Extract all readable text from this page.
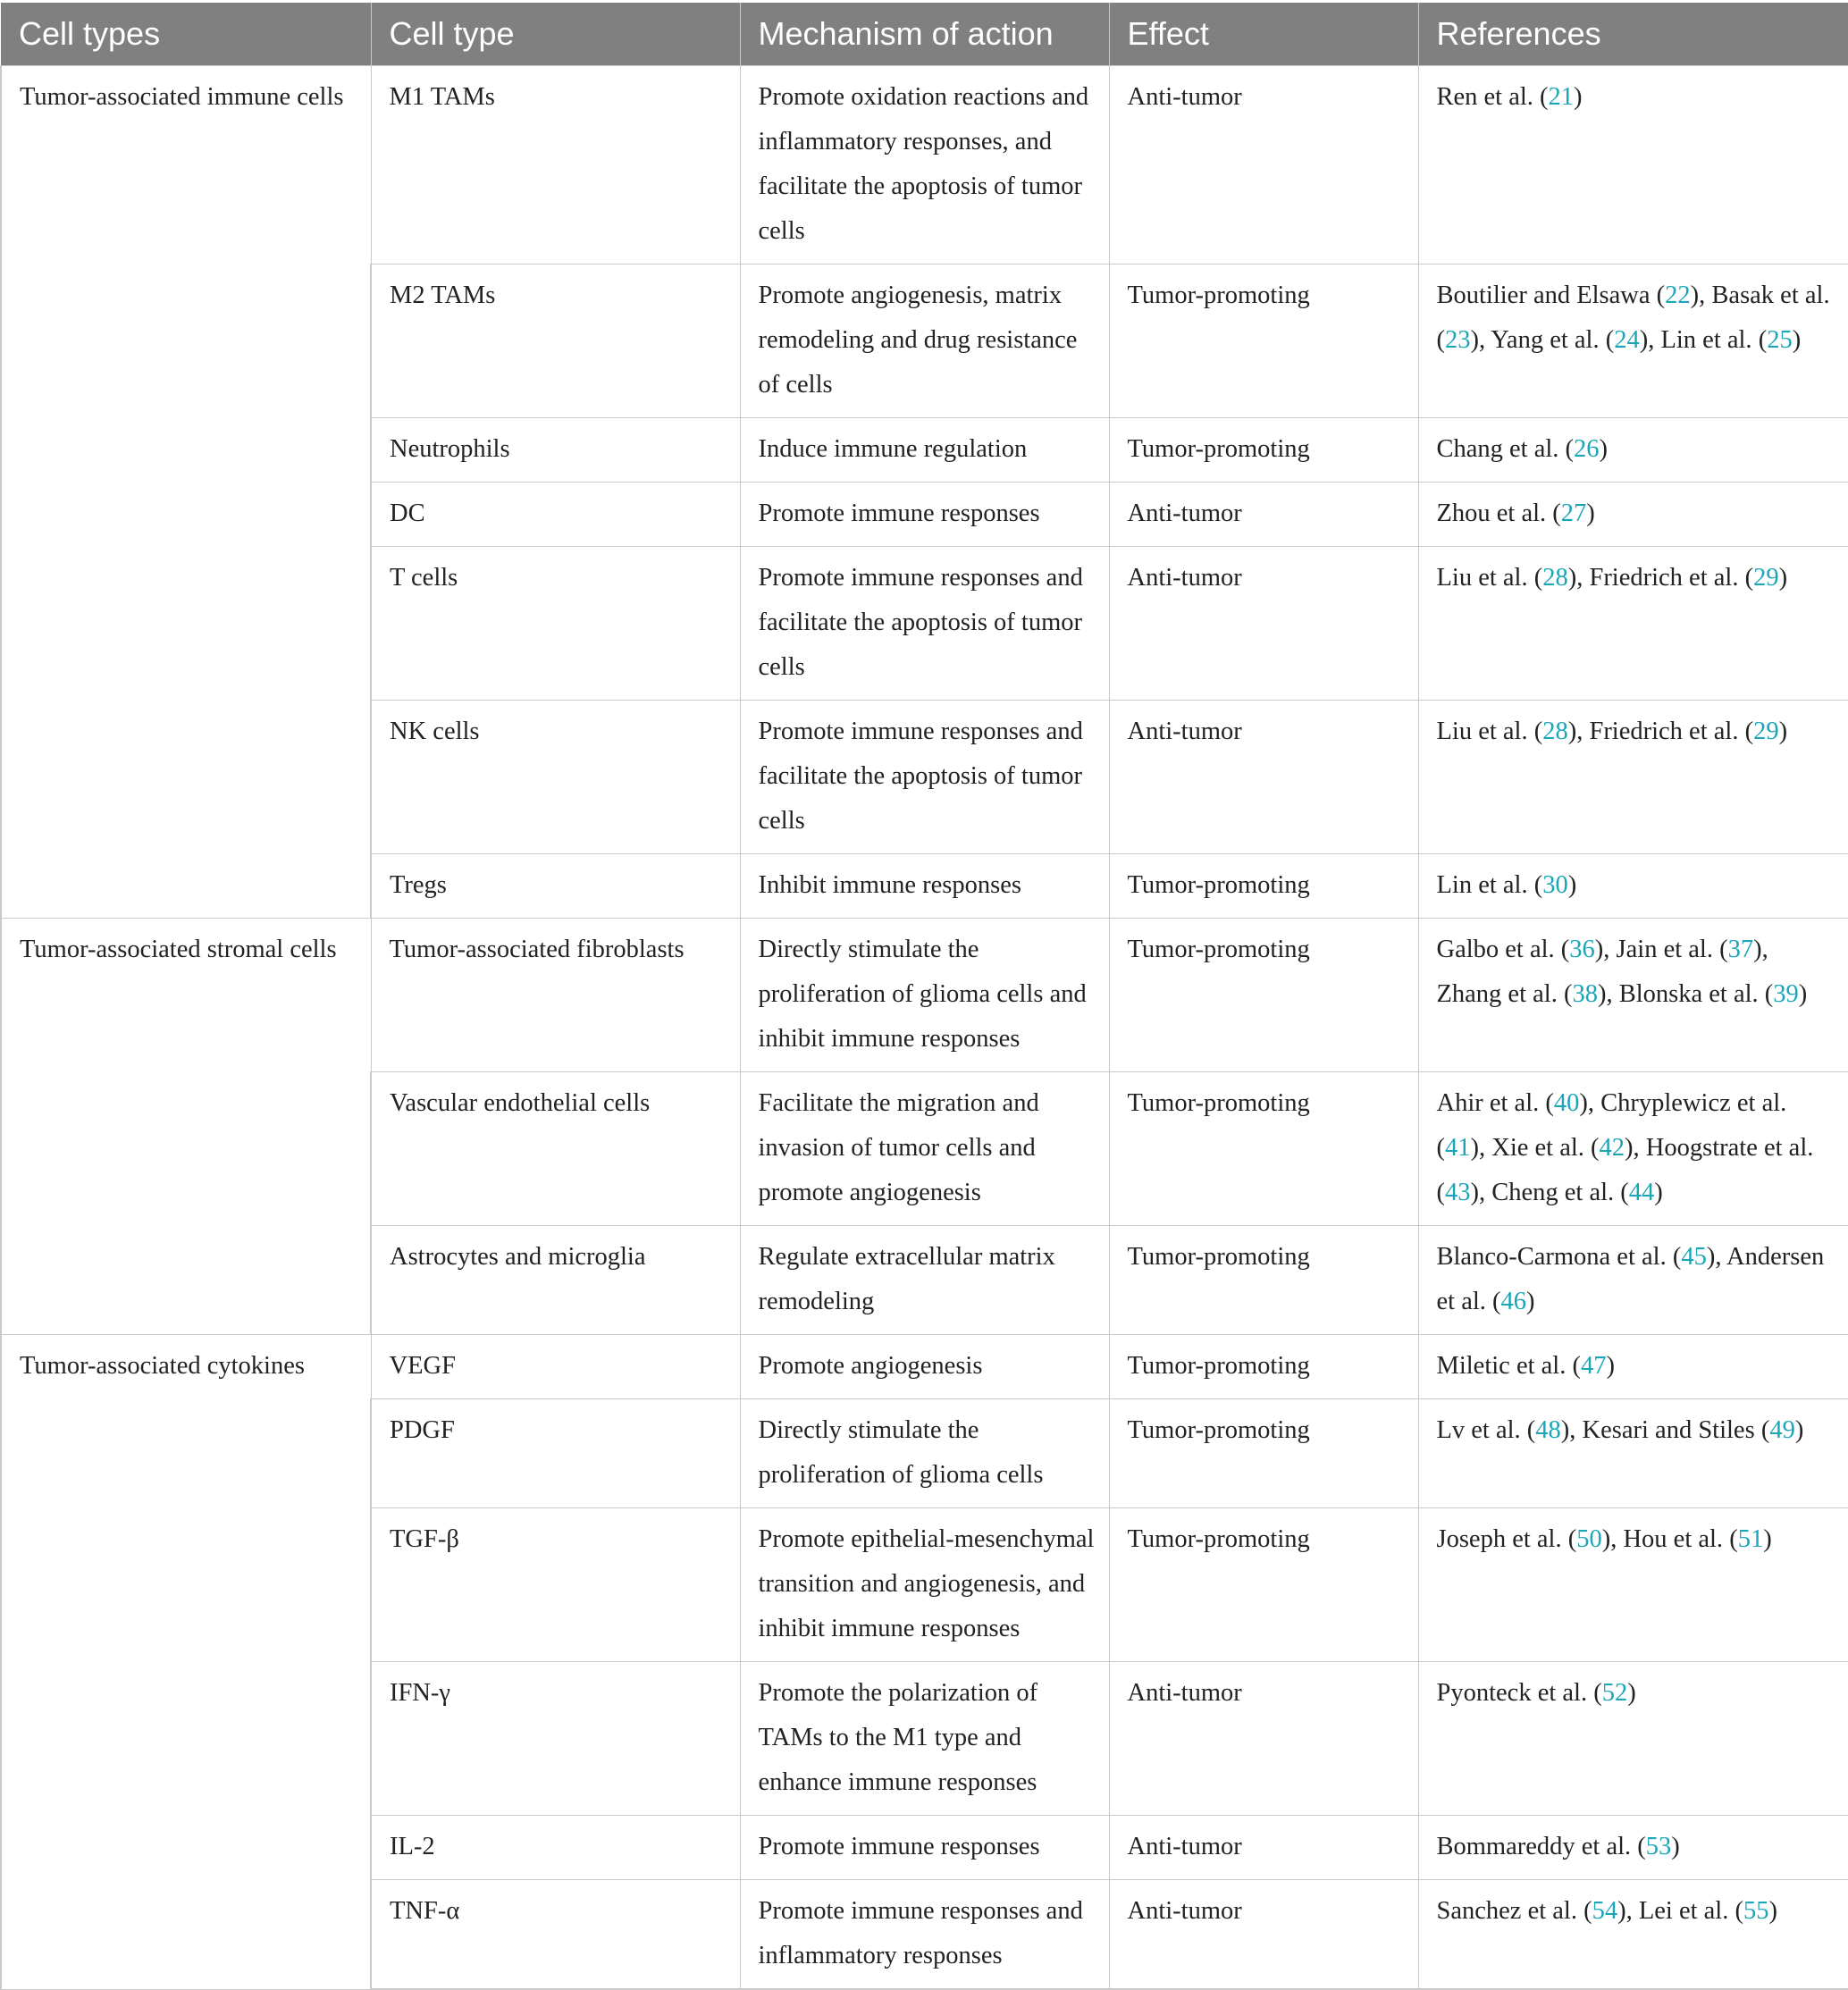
Cell types	Cell type	Mechanism of action	Effect	References
Tumor-associated immune cells	M1 TAMs	Promote oxidation reactions and inflammatory responses, and facilitate the apoptosis of tumor cells	Anti-tumor	Ren et al. (21)
	M2 TAMs	Promote angiogenesis, matrix remodeling and drug resistance of cells	Tumor-promoting	Boutilier and Elsawa (22), Basak et al. (23), Yang et al. (24), Lin et al. (25)
	Neutrophils	Induce immune regulation	Tumor-promoting	Chang et al. (26)
	DC	Promote immune responses	Anti-tumor	Zhou et al. (27)
	T cells	Promote immune responses and facilitate the apoptosis of tumor cells	Anti-tumor	Liu et al. (28), Friedrich et al. (29)
	NK cells	Promote immune responses and facilitate the apoptosis of tumor cells	Anti-tumor	Liu et al. (28), Friedrich et al. (29)
	Tregs	Inhibit immune responses	Tumor-promoting	Lin et al. (30)
Tumor-associated stromal cells	Tumor-associated fibroblasts	Directly stimulate the proliferation of glioma cells and inhibit immune responses	Tumor-promoting	Galbo et al. (36), Jain et al. (37), Zhang et al. (38), Blonska et al. (39)
	Vascular endothelial cells	Facilitate the migration and invasion of tumor cells and promote angiogenesis	Tumor-promoting	Ahir et al. (40), Chryplewicz et al. (41), Xie et al. (42), Hoogstrate et al. (43), Cheng et al. (44)
	Astrocytes and microglia	Regulate extracellular matrix remodeling	Tumor-promoting	Blanco-Carmona et al. (45), Andersen et al. (46)
Tumor-associated cytokines	VEGF	Promote angiogenesis	Tumor-promoting	Miletic et al. (47)
	PDGF	Directly stimulate the proliferation of glioma cells	Tumor-promoting	Lv et al. (48), Kesari and Stiles (49)
	TGF-β	Promote epithelial-mesenchymal transition and angiogenesis, and inhibit immune responses	Tumor-promoting	Joseph et al. (50), Hou et al. (51)
	IFN-γ	Promote the polarization of TAMs to the M1 type and enhance immune responses	Anti-tumor	Pyonteck et al. (52)
	IL-2	Promote immune responses	Anti-tumor	Bommareddy et al. (53)
	TNF-α	Promote immune responses and inflammatory responses	Anti-tumor	Sanchez et al. (54), Lei et al. (55)
